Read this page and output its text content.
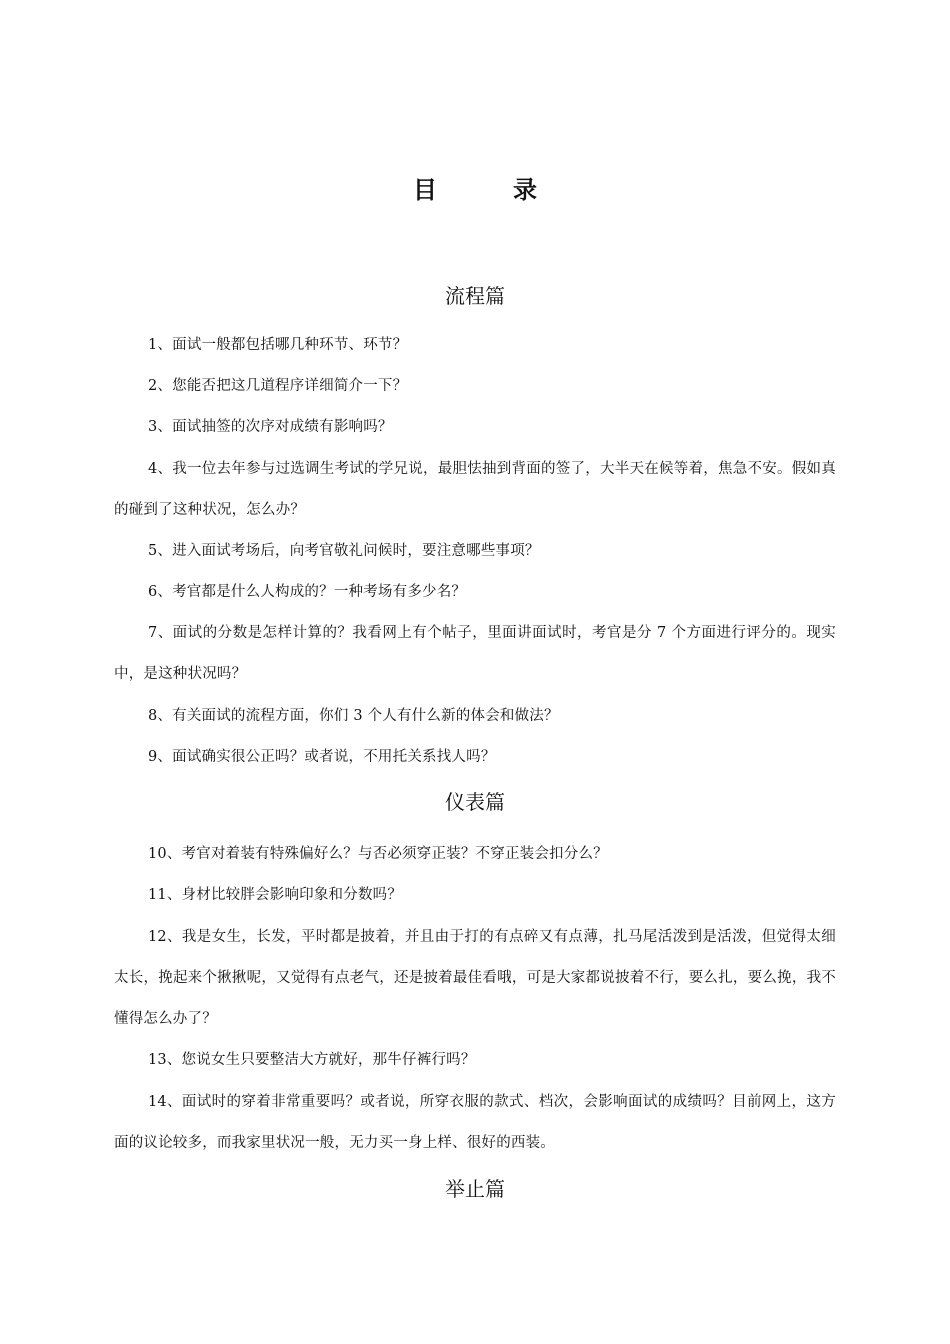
目　录
流程篇
1、面试一般都包括哪几种环节、环节？
2、您能否把这几道程序详细简介一下？
3、面试抽签的次序对成绩有影响吗？
4、我一位去年参与过选调生考试的学兄说，最胆怯抽到背面的签了，大半天在候等着，焦急不安。假如真的碰到了这种状况，怎么办？
5、进入面试考场后，向考官敬礼问候时，要注意哪些事项？
6、考官都是什么人构成的？一种考场有多少名？
7、面试的分数是怎样计算的？我看网上有个帖子，里面讲面试时，考官是分 7 个方面进行评分的。现实中，是这种状况吗？
8、有关面试的流程方面，你们 3 个人有什么新的体会和做法？
9、面试确实很公正吗？或者说，不用托关系找人吗？
仪表篇
10、考官对着装有特殊偏好么？与否必须穿正装？不穿正装会扣分么？
11、身材比较胖会影响印象和分数吗？
12、我是女生，长发，平时都是披着，并且由于打的有点碎又有点薄，扎马尾活泼到是活泼，但觉得太细太长，挽起来个揪揪呢，又觉得有点老气，还是披着最佳看哦，可是大家都说披着不行，要么扎，要么挽，我不懂得怎么办了？
13、您说女生只要整洁大方就好，那牛仔裤行吗？
14、面试时的穿着非常重要吗？或者说，所穿衣服的款式、档次，会影响面试的成绩吗？目前网上，这方面的议论较多，而我家里状况一般，无力买一身上样、很好的西装。
举止篇
